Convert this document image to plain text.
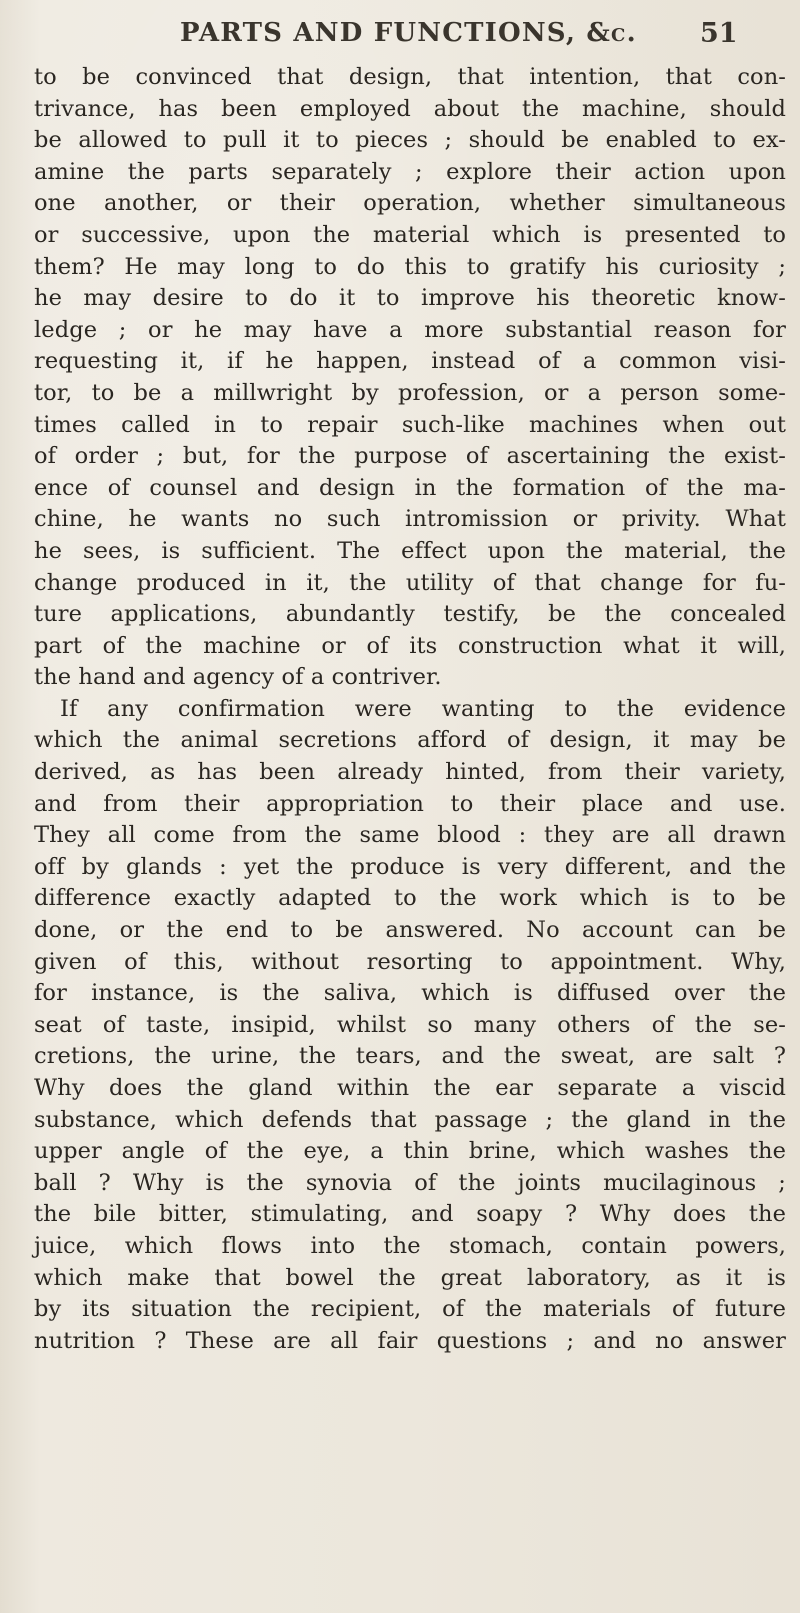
PARTS AND FUNCTIONS, &c. 51
to be convinced that design, that intention, that con-
trivance, has been employed about the machine, should
be allowed to pull it to pieces ; should be enabled to ex-
amine the parts separately ; explore their action upon
one another, or their operation, whether simultaneous
or successive, upon the material which is presented to
them? He may long to do this to gratify his curiosity ;
he may desire to do it to improve his theoretic know-
ledge ; or he may have a more substantial reason for
requesting it, if he happen, instead of a common visi-
tor, to be a millwright by profession, or a person some-
times called in to repair such-like machines when out
of order ; but, for the purpose of ascertaining the exist-
ence of counsel and design in the formation of the ma-
chine, he wants no such intromission or privity. What
he sees, is sufficient. The effect upon the material, the
change produced in it, the utility of that change for fu-
ture applications, abundantly testify, be the concealed
part of the machine or of its construction what it will,
the hand and agency of a contriver.
If any confirmation were wanting to the evidence
which the animal secretions afford of design, it may be
derived, as has been already hinted, from their variety,
and from their appropriation to their place and use.
They all come from the same blood : they are all drawn
off by glands : yet the produce is very different, and the
difference exactly adapted to the work which is to be
done, or the end to be answered. No account can be
given of this, without resorting to appointment. Why,
for instance, is the saliva, which is diffused over the
seat of taste, insipid, whilst so many others of the se-
cretions, the urine, the tears, and the sweat, are salt ?
Why does the gland within the ear separate a viscid
substance, which defends that passage ; the gland in the
upper angle of the eye, a thin brine, which washes the
ball ? Why is the synovia of the joints mucilaginous ;
the bile bitter, stimulating, and soapy ? Why does the
juice, which flows into the stomach, contain powers,
which make that bowel the great laboratory, as it is
by its situation the recipient, of the materials of future
nutrition ? These are all fair questions ; and no answer
